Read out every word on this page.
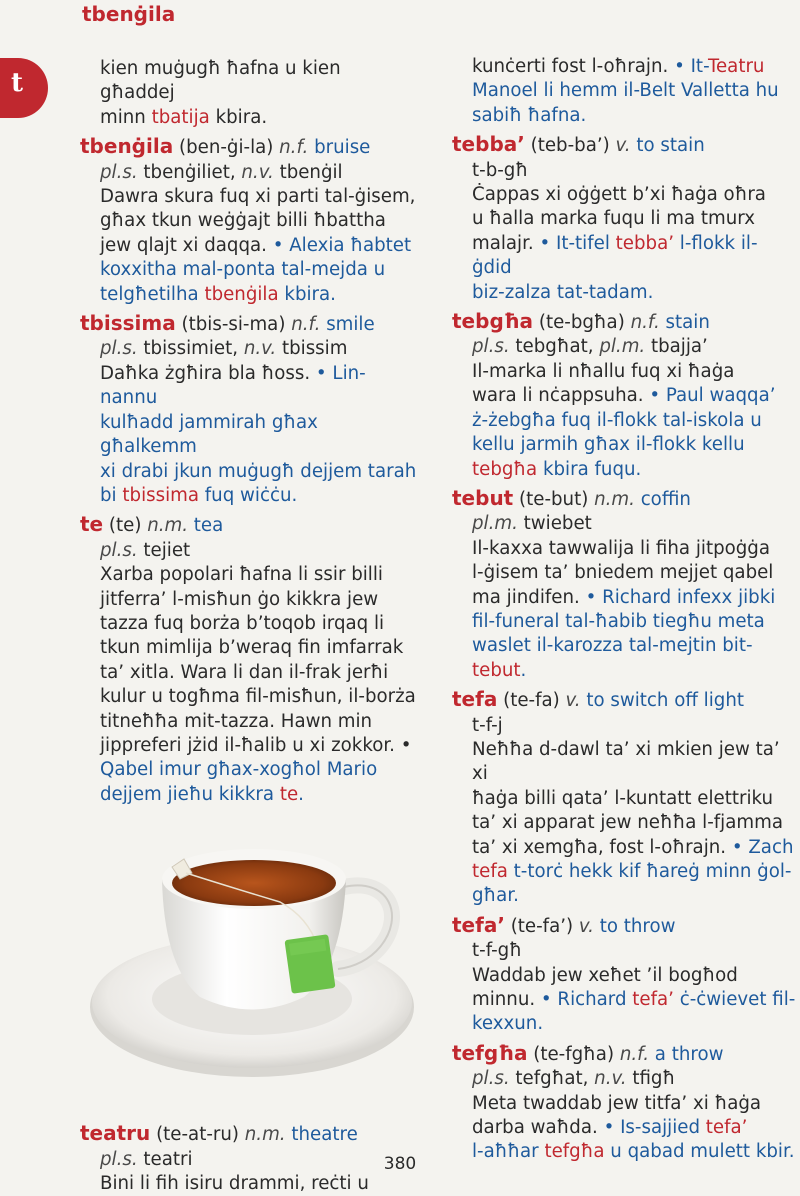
tbenġila
t	kien muġugħ ħafna u kien għaddej
minn tbatija kbira.
tbenġila (ben-ġi-la) n.f. bruise
pl.s. tbenġiliet, n.v. tbenġil
Dawra skura fuq xi parti tal-ġisem,
għax tkun weġġajt billi ħbattha
jew qlajt xi daqqa. • Alexia ħabtet
koxxitha mal-ponta tal-mejda u
telgħetilha tbenġila kbira.
tbissima (tbis-si-ma) n.f. smile
pl.s. tbissimiet, n.v. tbissim
Daħka żgħira bla ħoss. • Lin-nannu
kulħadd jammirah għax għalkemm
xi drabi jkun muġugħ dejjem tarah
bi tbissima fuq wiċċu.
te (te) n.m. tea
pl.s. tejiet
Xarba popolari ħafna li ssir billi
jitferra’ l-misħun ġo kikkra jew
tazza fuq borża b’toqob irqaq li
tkun mimlija b’weraq fin imfarrak
ta’ xitla. Wara li dan il-frak jerħi
kulur u togħma fil-misħun, il-borża
titneħħa mit-tazza. Hawn min
jippreferi jżid il-ħalib u xi zokkor. •
Qabel imur għax-xogħol Mario
dejjem jieħu kikkra te.
teatru (te-at-ru) n.m. theatre
pl.s. teatri
Bini li fih isiru drammi, reċti u
kunċerti fost l-oħrajn. • It-Teatru
Manoel li hemm il-Belt Valletta hu
sabiħ ħafna.
tebba’ (teb-ba’) v. to stain
t-b-għ
Ċappas xi oġġett b’xi ħaġa oħra
u ħalla marka fuqu li ma tmurx
malajr. • It-tifel tebba’ l-flokk il-ġdid
biz-zalza tat-tadam.
tebgħa (te-bgħa) n.f. stain
pl.s. tebgħat, pl.m. tbajja’
Il-marka li nħallu fuq xi ħaġa
wara li nċappsuha. • Paul waqqa’
ż-żebgħa fuq il-flokk tal-iskola u
kellu jarmih għax il-flokk kellu
tebgħa kbira fuqu.
tebut (te-but) n.m. coffin
pl.m. twiebet
Il-kaxxa tawwalija li fiha jitpoġġa
l-ġisem ta’ bniedem mejjet qabel
ma jindifen. • Richard infexx jibki
fil-funeral tal-ħabib tiegħu meta
waslet il-karozza tal-mejtin bit-
tebut.
tefa (te-fa) v. to switch off light
t-f-j
Neħħa d-dawl ta’ xi mkien jew ta’ xi
ħaġa billi qata’ l-kuntatt elettriku
ta’ xi apparat jew neħħa l-fjamma
ta’ xi xemgħa, fost l-oħrajn. • Zach
tefa t-torċ hekk kif ħareġ minn ġol-
għar.
tefa’ (te-fa’) v. to throw
t-f-għ
Waddab jew xeħet ’il bogħod
minnu. • Richard tefa’ ċ-ċwievet fil-
kexxun.
tefgħa (te-fgħa) n.f. a throw
pl.s. tefgħat, n.v. tfigħ
Meta twaddab jew titfa’ xi ħaġa
darba waħda. • Is-sajjied tefa’
l-aħħar tefgħa u qabad mulett kbir.
380
